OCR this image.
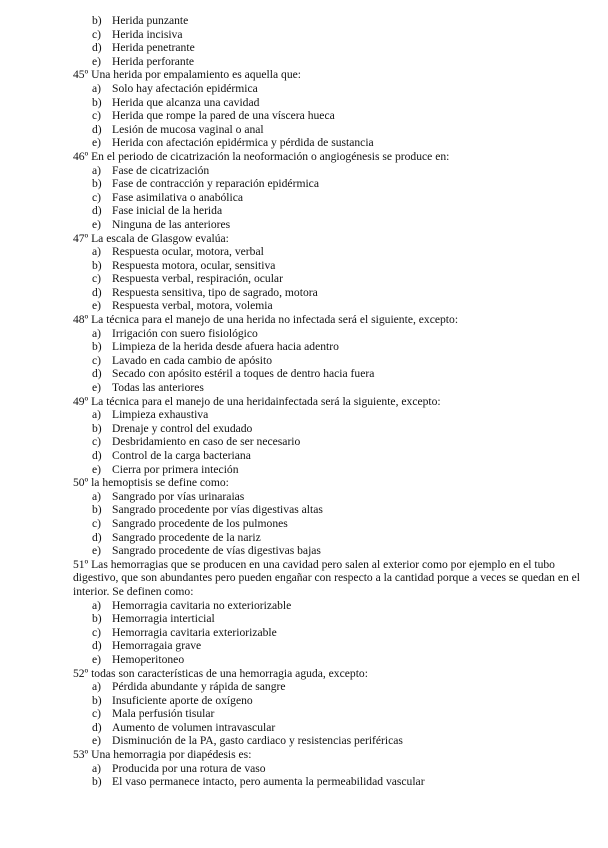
b) Herida punzante
c) Herida incisiva
d) Herida penetrante
e) Herida perforante
45º Una herida por empalamiento es aquella que:
a) Solo hay afectación epidérmica
b) Herida que alcanza una cavidad
c) Herida que rompe la pared de una víscera hueca
d) Lesión de mucosa vaginal o anal
e) Herida con afectación epidérmica y pérdida de sustancia
46º En el periodo de cicatrización la neoformación o angiogénesis se produce en:
a) Fase de cicatrización
b) Fase de contracción y reparación epidérmica
c) Fase asimilativa o anabólica
d) Fase inicial de la herida
e) Ninguna de las anteriores
47º La escala de Glasgow evalúa:
a) Respuesta ocular, motora, verbal
b) Respuesta motora, ocular, sensitiva
c) Respuesta verbal, respiración, ocular
d) Respuesta sensitiva, tipo de sagrado, motora
e) Respuesta verbal, motora, volemia
48º La técnica para el manejo de una herida no infectada será el siguiente, excepto:
a) Irrigación con suero fisiológico
b) Limpieza de la herida desde afuera hacia adentro
c) Lavado en cada cambio de apósito
d) Secado con apósito estéril a toques de dentro hacia fuera
e) Todas las anteriores
49º La técnica para el manejo de una heridainfectada será la siguiente, excepto:
a) Limpieza exhaustiva
b) Drenaje y control del exudado
c) Desbridamiento en caso de ser necesario
d) Control de la carga bacteriana
e) Cierra por primera inteción
50º la hemoptisis se define como:
a) Sangrado por vías urinaraias
b) Sangrado procedente por vías digestivas altas
c) Sangrado procedente de los pulmones
d) Sangrado procedente de la nariz
e) Sangrado procedente de vías digestivas bajas
51º Las hemorragias que se producen en una cavidad pero salen al exterior como por ejemplo en el tubo digestivo, que son abundantes pero pueden engañar con respecto a la cantidad porque a veces se quedan en el interior. Se definen como:
a) Hemorragia cavitaria no exteriorizable
b) Hemorragia interticial
c) Hemorragia cavitaria exteriorizable
d) Hemorragaia grave
e) Hemoperitoneo
52º todas son características de una hemorragia aguda, excepto:
a) Pérdida abundante y rápida de sangre
b) Insuficiente aporte de oxígeno
c) Mala perfusión tisular
d) Aumento de volumen intravascular
e) Disminución de la PA, gasto cardiaco y resistencias periféricas
53º Una hemorragia por diapédesis es:
a) Producida por una rotura de vaso
b) El vaso permanece intacto, pero aumenta la permeabilidad vascular
